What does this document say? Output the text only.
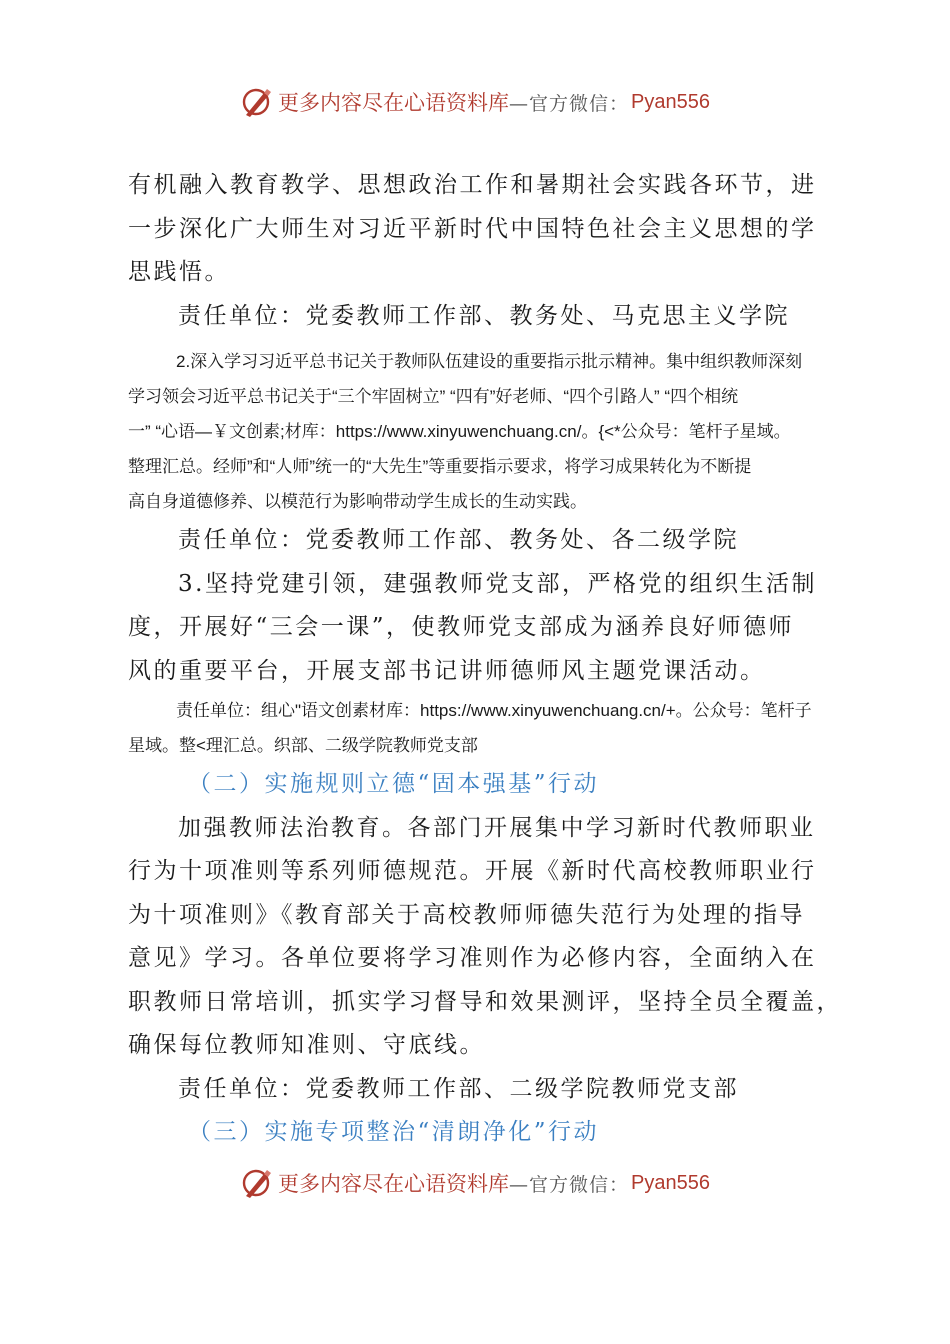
更多内容尽在心语资料库 —官方微信： Pyan556

有机融入教育教学、思想政治工作和暑期社会实践各环节，进

一步深化广大师生对习近平新时代中国特色社会主义思想的学

思践悟。

责任单位：党委教师工作部、教务处、马克思主义学院

2.深入学习习近平总书记关于教师队伍建设的重要指示批示精神。集中组织教师深刻

学习领会习近平总书记关于“三个牢固树立” “四有”好老师、“四个引路人” “四个相统

一” “心语—￥文创素;材库：https://www.xinyuwenchuang.cn/。{<*公众号：笔杆子星域。

整理汇总。经师”和“人师”统一的“大先生”等重要指示要求，将学习成果转化为不断提

高自身道德修养、以模范行为影响带动学生成长的生动实践。

责任单位：党委教师工作部、教务处、各二级学院

3.坚持党建引领，建强教师党支部，严格党的组织生活制

度，开展好“三会一课”，使教师党支部成为涵养良好师德师

风的重要平台，开展支部书记讲师德师风主题党课活动。

责任单位：组心"语文创素材库：https://www.xinyuwenchuang.cn/+。公众号：笔杆子

星域。整<理汇总。织部、二级学院教师党支部

（二）实施规则立德“固本强基”行动

加强教师法治教育。各部门开展集中学习新时代教师职业

行为十项准则等系列师德规范。开展《新时代高校教师职业行

为十项准则》《教育部关于高校教师师德失范行为处理的指导

意见》学习。各单位要将学习准则作为必修内容，全面纳入在

职教师日常培训，抓实学习督导和效果测评，坚持全员全覆盖，

确保每位教师知准则、守底线。

责任单位：党委教师工作部、二级学院教师党支部

（三）实施专项整治“清朗净化”行动

更多内容尽在心语资料库 —官方微信： Pyan556
